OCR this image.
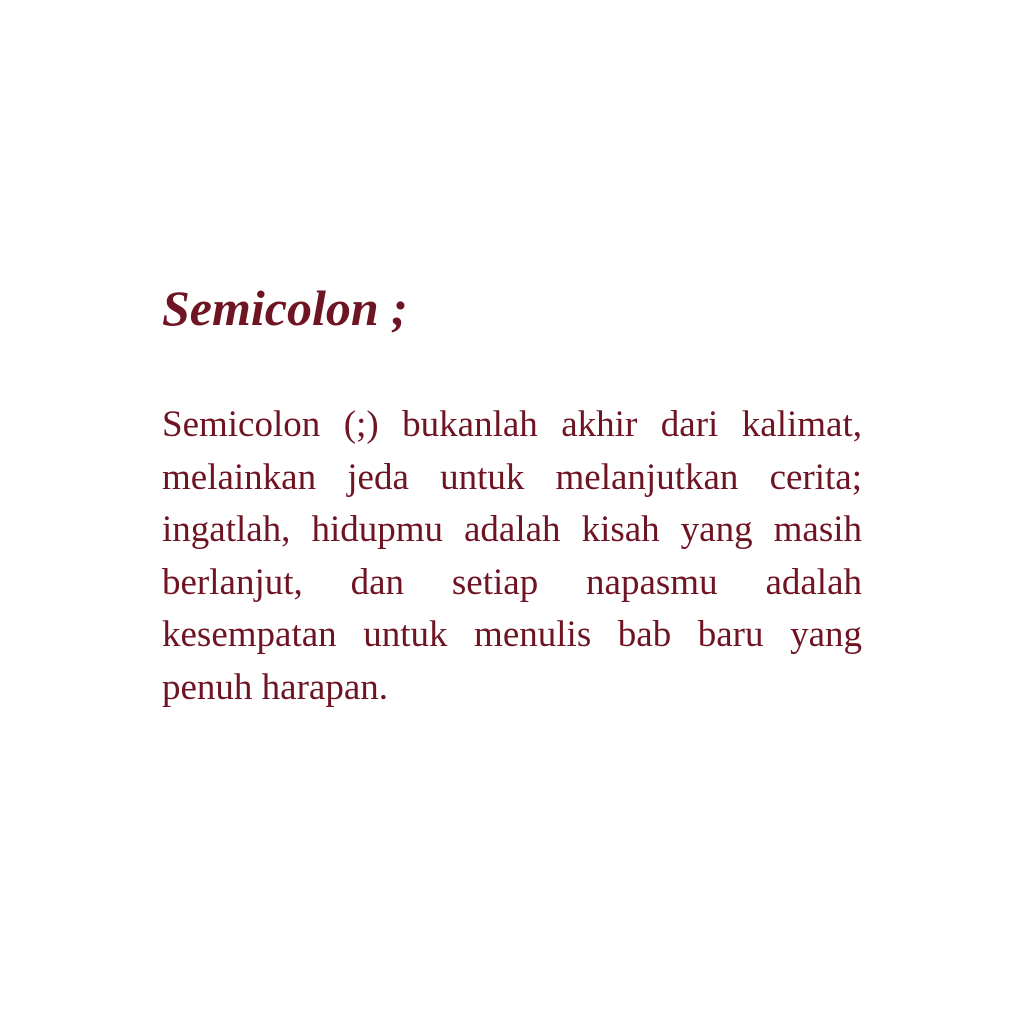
Semicolon ;

Semicolon (;) bukanlah akhir dari kalimat, melainkan jeda untuk melanjutkan cerita; ingatlah, hidupmu adalah kisah yang masih berlanjut, dan setiap napasmu adalah kesempatan untuk menulis bab baru yang penuh harapan.
